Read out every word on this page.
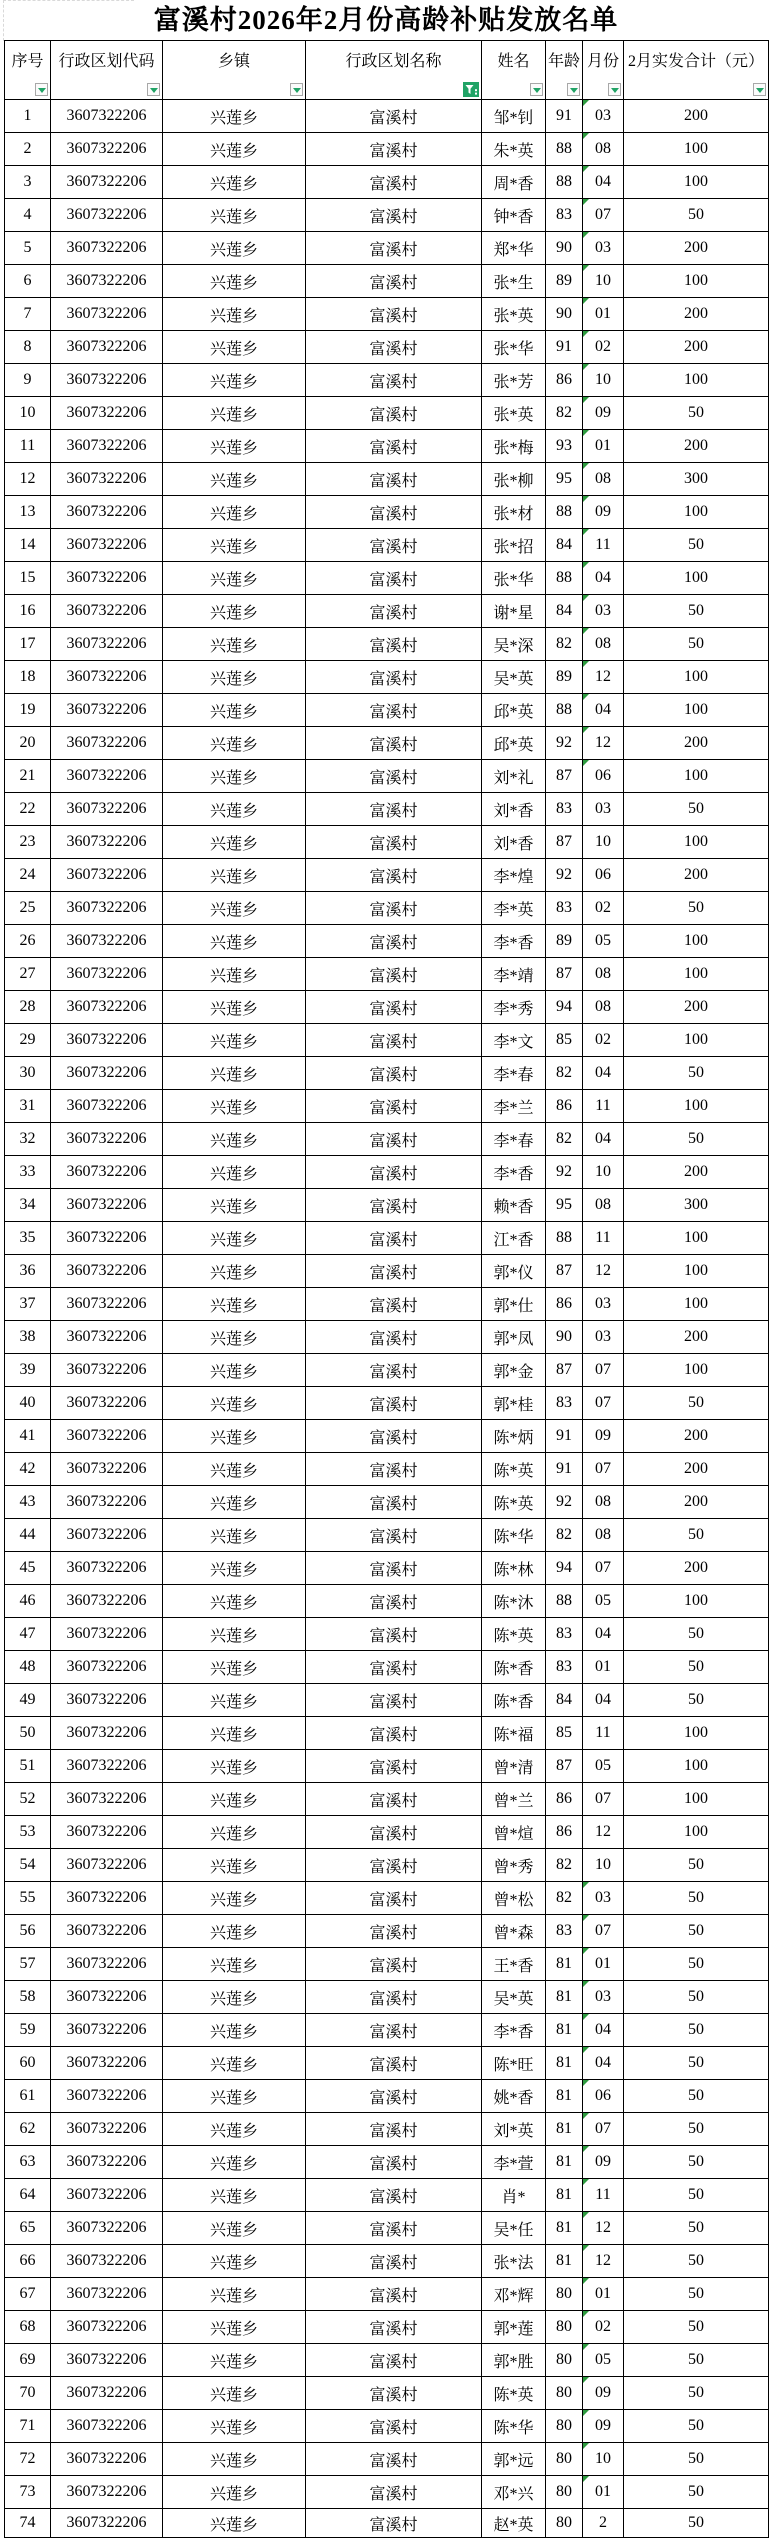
富溪村2026年2月份高龄补贴发放名单
序号	行政区划代码	乡镇	行政区划名称	姓名	年龄	月份	2月实发合计（元）

1	3607322206	兴莲乡	富溪村	邹*钊	91	03	200
2	3607322206	兴莲乡	富溪村	朱*英	88	08	100
3	3607322206	兴莲乡	富溪村	周*香	88	04	100
4	3607322206	兴莲乡	富溪村	钟*香	83	07	50
5	3607322206	兴莲乡	富溪村	郑*华	90	03	200
6	3607322206	兴莲乡	富溪村	张*生	89	10	100
7	3607322206	兴莲乡	富溪村	张*英	90	01	200
8	3607322206	兴莲乡	富溪村	张*华	91	02	200
9	3607322206	兴莲乡	富溪村	张*芳	86	10	100
10	3607322206	兴莲乡	富溪村	张*英	82	09	50
11	3607322206	兴莲乡	富溪村	张*梅	93	01	200
12	3607322206	兴莲乡	富溪村	张*柳	95	08	300
13	3607322206	兴莲乡	富溪村	张*材	88	09	100
14	3607322206	兴莲乡	富溪村	张*招	84	11	50
15	3607322206	兴莲乡	富溪村	张*华	88	04	100
16	3607322206	兴莲乡	富溪村	谢*星	84	03	50
17	3607322206	兴莲乡	富溪村	吴*深	82	08	50
18	3607322206	兴莲乡	富溪村	吴*英	89	12	100
19	3607322206	兴莲乡	富溪村	邱*英	88	04	100
20	3607322206	兴莲乡	富溪村	邱*英	92	12	200
21	3607322206	兴莲乡	富溪村	刘*礼	87	06	100
22	3607322206	兴莲乡	富溪村	刘*香	83	03	50
23	3607322206	兴莲乡	富溪村	刘*香	87	10	100
24	3607322206	兴莲乡	富溪村	李*煌	92	06	200
25	3607322206	兴莲乡	富溪村	李*英	83	02	50
26	3607322206	兴莲乡	富溪村	李*香	89	05	100
27	3607322206	兴莲乡	富溪村	李*靖	87	08	100
28	3607322206	兴莲乡	富溪村	李*秀	94	08	200
29	3607322206	兴莲乡	富溪村	李*文	85	02	100
30	3607322206	兴莲乡	富溪村	李*春	82	04	50
31	3607322206	兴莲乡	富溪村	李*兰	86	11	100
32	3607322206	兴莲乡	富溪村	李*春	82	04	50
33	3607322206	兴莲乡	富溪村	李*香	92	10	200
34	3607322206	兴莲乡	富溪村	赖*香	95	08	300
35	3607322206	兴莲乡	富溪村	江*香	88	11	100
36	3607322206	兴莲乡	富溪村	郭*仪	87	12	100
37	3607322206	兴莲乡	富溪村	郭*仕	86	03	100
38	3607322206	兴莲乡	富溪村	郭*凤	90	03	200
39	3607322206	兴莲乡	富溪村	郭*金	87	07	100
40	3607322206	兴莲乡	富溪村	郭*桂	83	07	50
41	3607322206	兴莲乡	富溪村	陈*炳	91	09	200
42	3607322206	兴莲乡	富溪村	陈*英	91	07	200
43	3607322206	兴莲乡	富溪村	陈*英	92	08	200
44	3607322206	兴莲乡	富溪村	陈*华	82	08	50
45	3607322206	兴莲乡	富溪村	陈*林	94	07	200
46	3607322206	兴莲乡	富溪村	陈*沐	88	05	100
47	3607322206	兴莲乡	富溪村	陈*英	83	04	50
48	3607322206	兴莲乡	富溪村	陈*香	83	01	50
49	3607322206	兴莲乡	富溪村	陈*香	84	04	50
50	3607322206	兴莲乡	富溪村	陈*福	85	11	100
51	3607322206	兴莲乡	富溪村	曾*清	87	05	100
52	3607322206	兴莲乡	富溪村	曾*兰	86	07	100
53	3607322206	兴莲乡	富溪村	曾*煊	86	12	100
54	3607322206	兴莲乡	富溪村	曾*秀	82	10	50
55	3607322206	兴莲乡	富溪村	曾*松	82	03	50
56	3607322206	兴莲乡	富溪村	曾*森	83	07	50
57	3607322206	兴莲乡	富溪村	王*香	81	01	50
58	3607322206	兴莲乡	富溪村	吴*英	81	03	50
59	3607322206	兴莲乡	富溪村	李*香	81	04	50
60	3607322206	兴莲乡	富溪村	陈*旺	81	04	50
61	3607322206	兴莲乡	富溪村	姚*香	81	06	50
62	3607322206	兴莲乡	富溪村	刘*英	81	07	50
63	3607322206	兴莲乡	富溪村	李*萱	81	09	50
64	3607322206	兴莲乡	富溪村	肖*	81	11	50
65	3607322206	兴莲乡	富溪村	吴*任	81	12	50
66	3607322206	兴莲乡	富溪村	张*法	81	12	50
67	3607322206	兴莲乡	富溪村	邓*辉	80	01	50
68	3607322206	兴莲乡	富溪村	郭*莲	80	02	50
69	3607322206	兴莲乡	富溪村	郭*胜	80	05	50
70	3607322206	兴莲乡	富溪村	陈*英	80	09	50
71	3607322206	兴莲乡	富溪村	陈*华	80	09	50
72	3607322206	兴莲乡	富溪村	郭*远	80	10	50
73	3607322206	兴莲乡	富溪村	邓*兴	80	01	50
74	3607322206	兴莲乡	富溪村	赵*英	80	2	50
